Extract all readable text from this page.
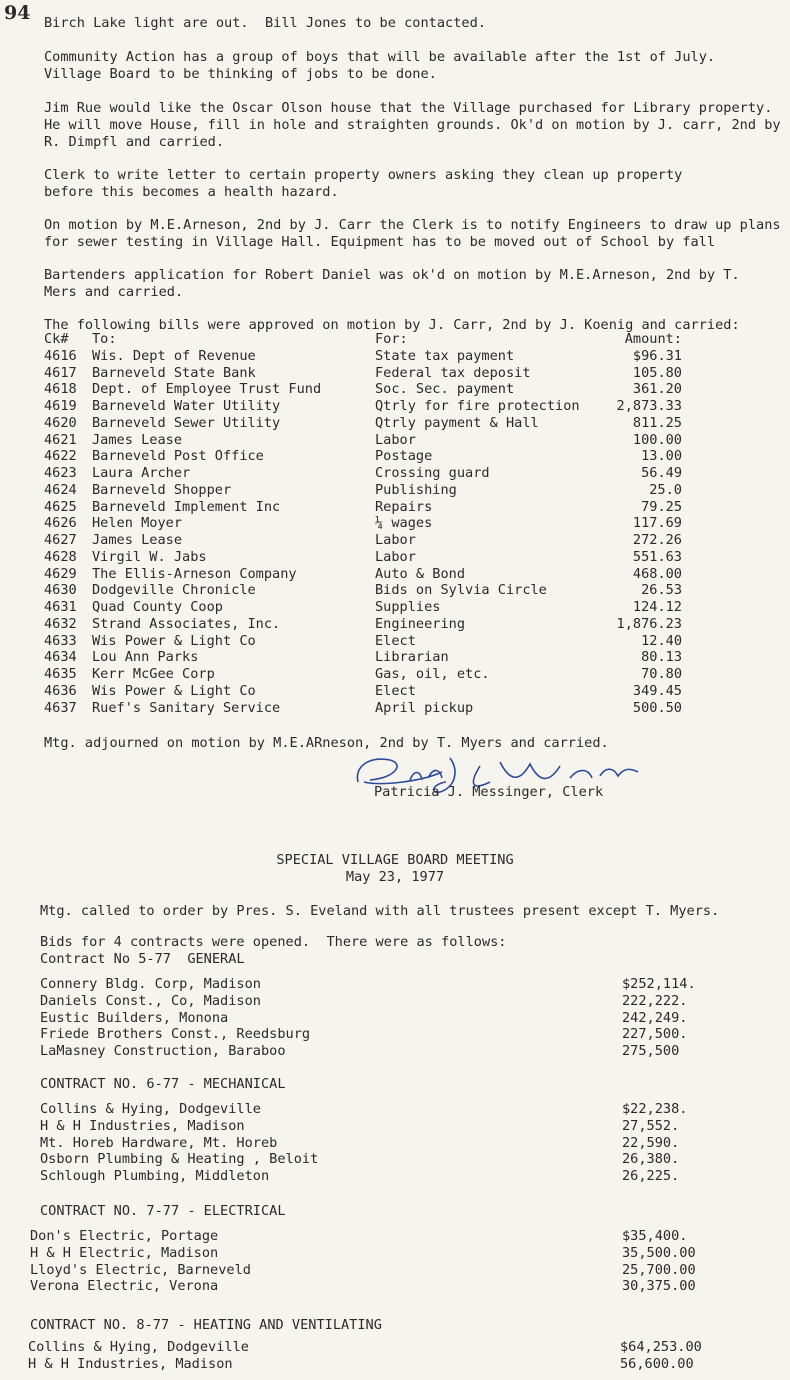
94 Birch Lake light are out.  Bill Jones to be contacted.
Community Action has a group of boys that will be available after the 1st of July. Village Board to be thinking of jobs to be done.
Jim Rue would like the Oscar Olson house that the Village purchased for Library property. He will move House, fill in hole and straighten grounds. Ok'd on motion by J. carr, 2nd by R. Dimpfl and carried.
Clerk to write letter to certain property owners asking they clean up property before this becomes a health hazard.
On motion by M.E.Arneson, 2nd by J. Carr the Clerk is to notify Engineers to draw up plans for sewer testing in Village Hall. Equipment has to be moved out of School by fall
Bartenders application for Robert Daniel was ok'd on motion by M.E.Arneson, 2nd by T. Mers and carried.
The following bills were approved on motion by J. Carr, 2nd by J. Koenig and carried:
Ck# To:	For:	Amount:
4616 Wis. Dept of Revenue	State tax payment	$96.31
4617 Barneveld State Bank	Federal tax deposit	105.80
4618 Dept. of Employee Trust Fund	Soc. Sec. payment	361.20
4619 Barneveld Water Utility	Qtrly for fire protection	2,873.33
4620 Barneveld Sewer Utility	Qtrly payment & Hall	811.25
4621 James Lease	Labor	100.00
4622 Barneveld Post Office	Postage	13.00
4623 Laura Archer	Crossing guard	56.49
4624 Barneveld Shopper	Publishing	25.0
4625 Barneveld Implement Inc	Repairs	79.25
4626 Helen Moyer	¼ wages	117.69
4627 James Lease	Labor	272.26
4628 Virgil W. Jabs	Labor	551.63
4629 The Ellis-Arneson Company	Auto & Bond	468.00
4630 Dodgeville Chronicle	Bids on Sylvia Circle	26.53
4631 Quad County Coop	Supplies	124.12
4632 Strand Associates, Inc.	Engineering	1,876.23
4633 Wis Power & Light Co	Elect	12.40
4634 Lou Ann Parks	Librarian	80.13
4635 Kerr McGee Corp	Gas, oil, etc.	70.80
4636 Wis Power & Light Co	Elect	349.45
4637 Ruef's Sanitary Service	April pickup	500.50
Mtg. adjourned on motion by M.E.ARneson, 2nd by T. Myers and carried.
Patricia J. Messinger, Clerk
SPECIAL VILLAGE BOARD MEETING
May 23, 1977
Mtg. called to order by Pres. S. Eveland with all trustees present except T. Myers.
Bids for 4 contracts were opened.  There were as follows:
Contract No 5-77  GENERAL
Connery Bldg. Corp, Madison	$252,114.
Daniels Const., Co, Madison	222,222.
Eustic Builders, Monona	242,249.
Friede Brothers Const., Reedsburg	227,500.
LaMasney Construction, Baraboo	275,500
CONTRACT NO. 6-77 - MECHANICAL
Collins & Hying, Dodgeville	$22,238.
H & H Industries, Madison	27,552.
Mt. Horeb Hardware, Mt. Horeb	22,590.
Osborn Plumbing & Heating , Beloit	26,380.
Schlough Plumbing, Middleton	26,225.
CONTRACT NO. 7-77 - ELECTRICAL
Don's Electric, Portage	$35,400.
H & H Electric, Madison	35,500.00
Lloyd's Electric, Barneveld	25,700.00
Verona Electric, Verona	30,375.00
CONTRACT NO. 8-77 - HEATING AND VENTILATING
Collins & Hying, Dodgeville	$64,253.00
H & H Industries, Madison	56,600.00
